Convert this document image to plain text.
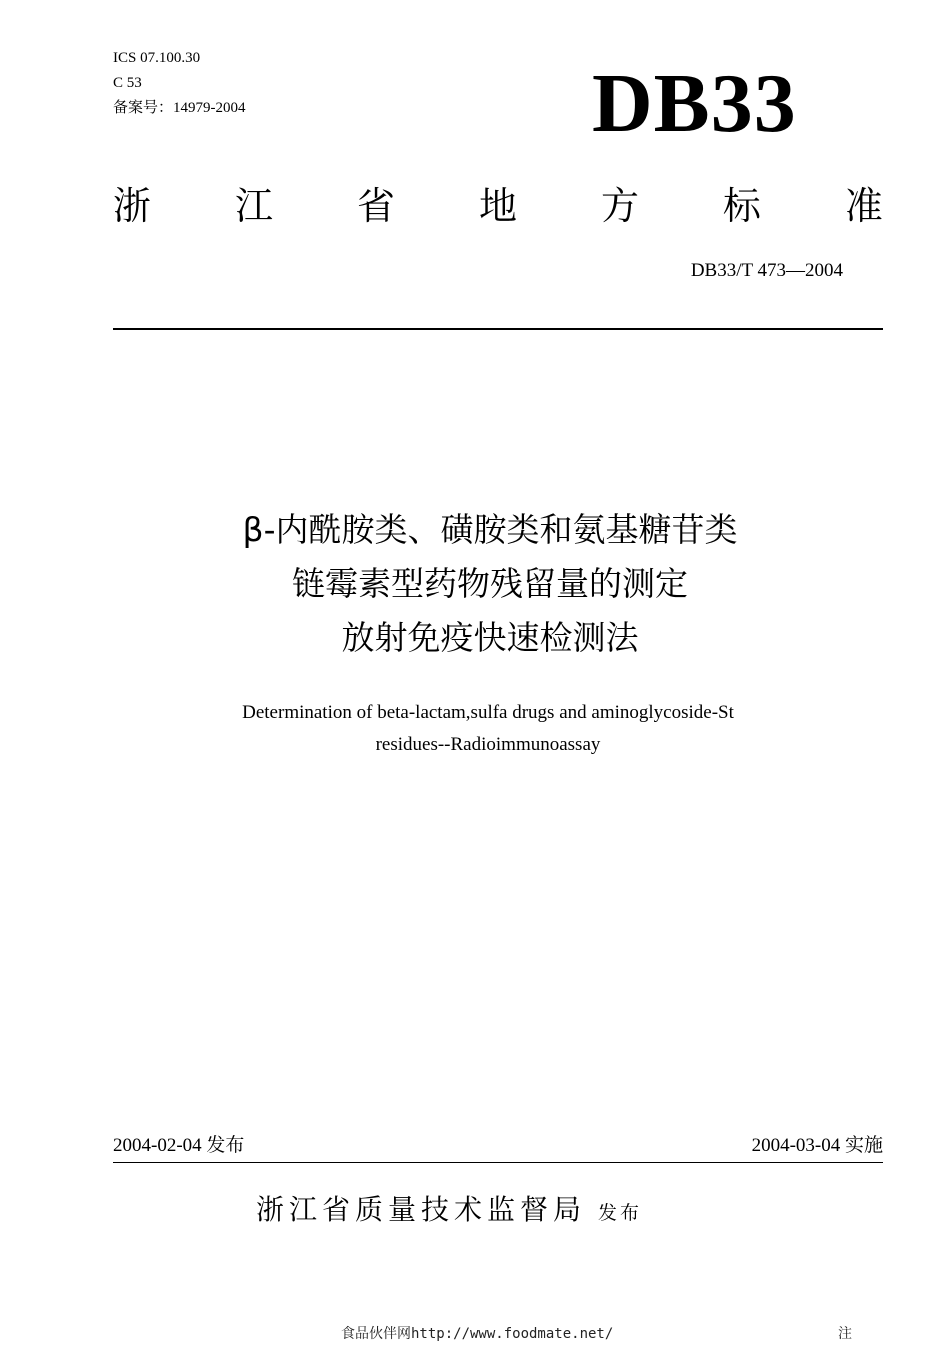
ICS 07.100.30
C 53
备案号：14979-2004	DB33
浙 江 省 地 方 标 准
DB33/T 473—2004
β-内酰胺类、磺胺类和氨基糖苷类
链霉素型药物残留量的测定
放射免疫快速检测法
Determination of beta-lactam,sulfa drugs and aminoglycoside-St
residues--Radioimmunoassay
2004-02-04 发布	2004-03-04 实施
浙江省质量技术监督局 发布
食品伙伴网http://www.foodmate.net/	注
